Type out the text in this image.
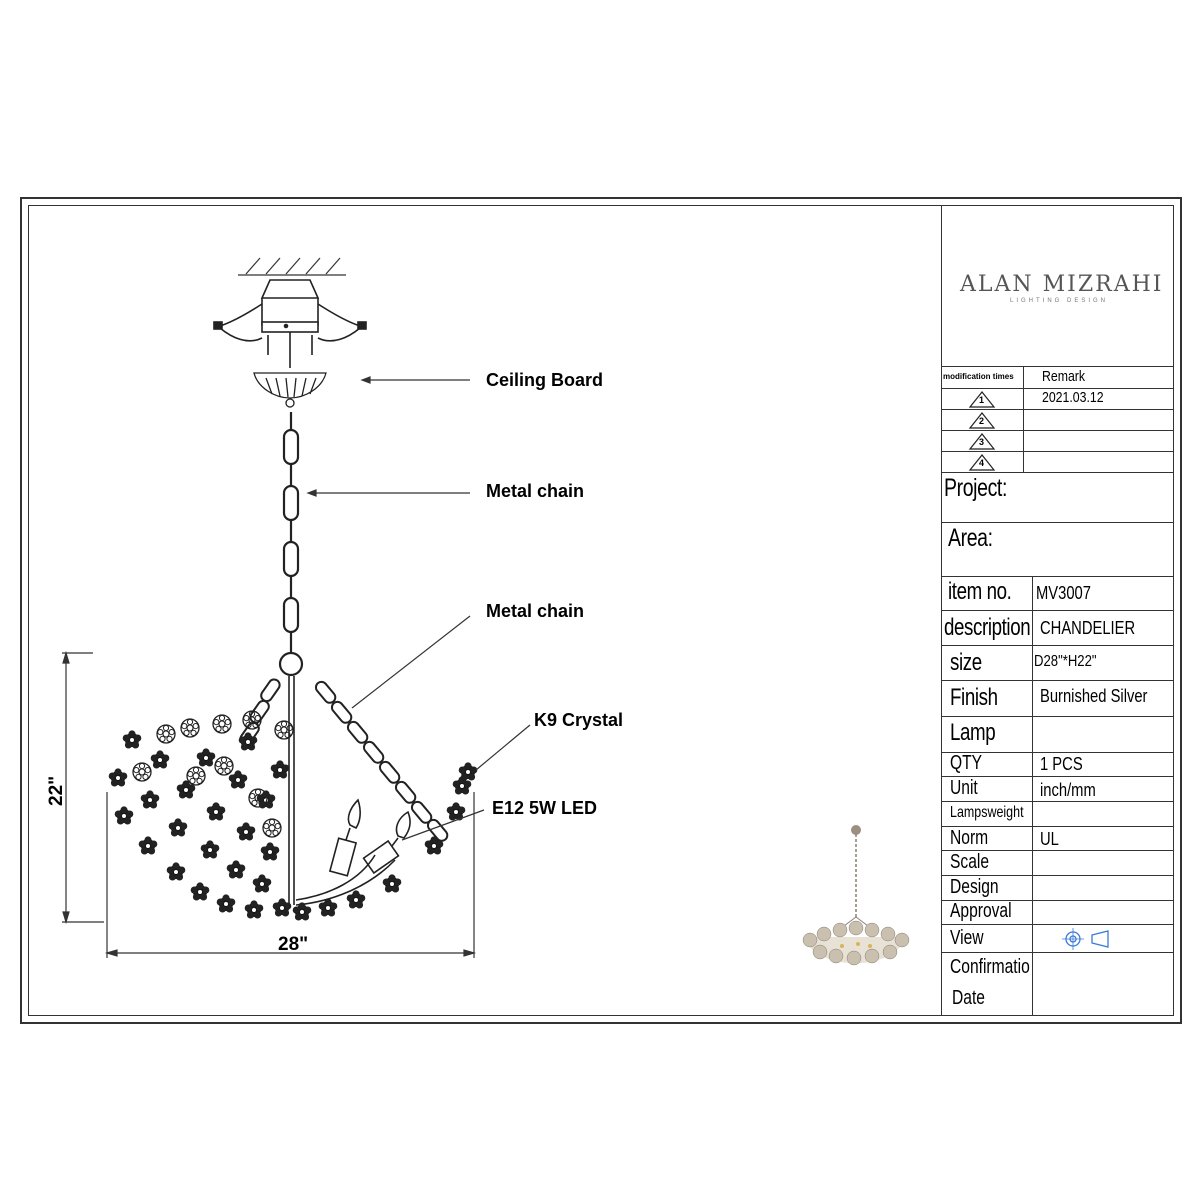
Ceiling Board
Metal chain
Metal chain
K9 Crystal
E12 5W LED
22"
28"
ALAN MIZRAHI
LIGHTING DESIGN
modification times Remark
1	2021.03.12
2
3
4
Project:
Area:
item no. MV3007
description CHANDELIER
size	D28"*H22"
Finish Burnished Silver
Lamp
QTY	1 PCS
Unit	inch/mm
Lampsweight
Norm	UL
Scale
Design
Approval
View
Confirmatio
Date
